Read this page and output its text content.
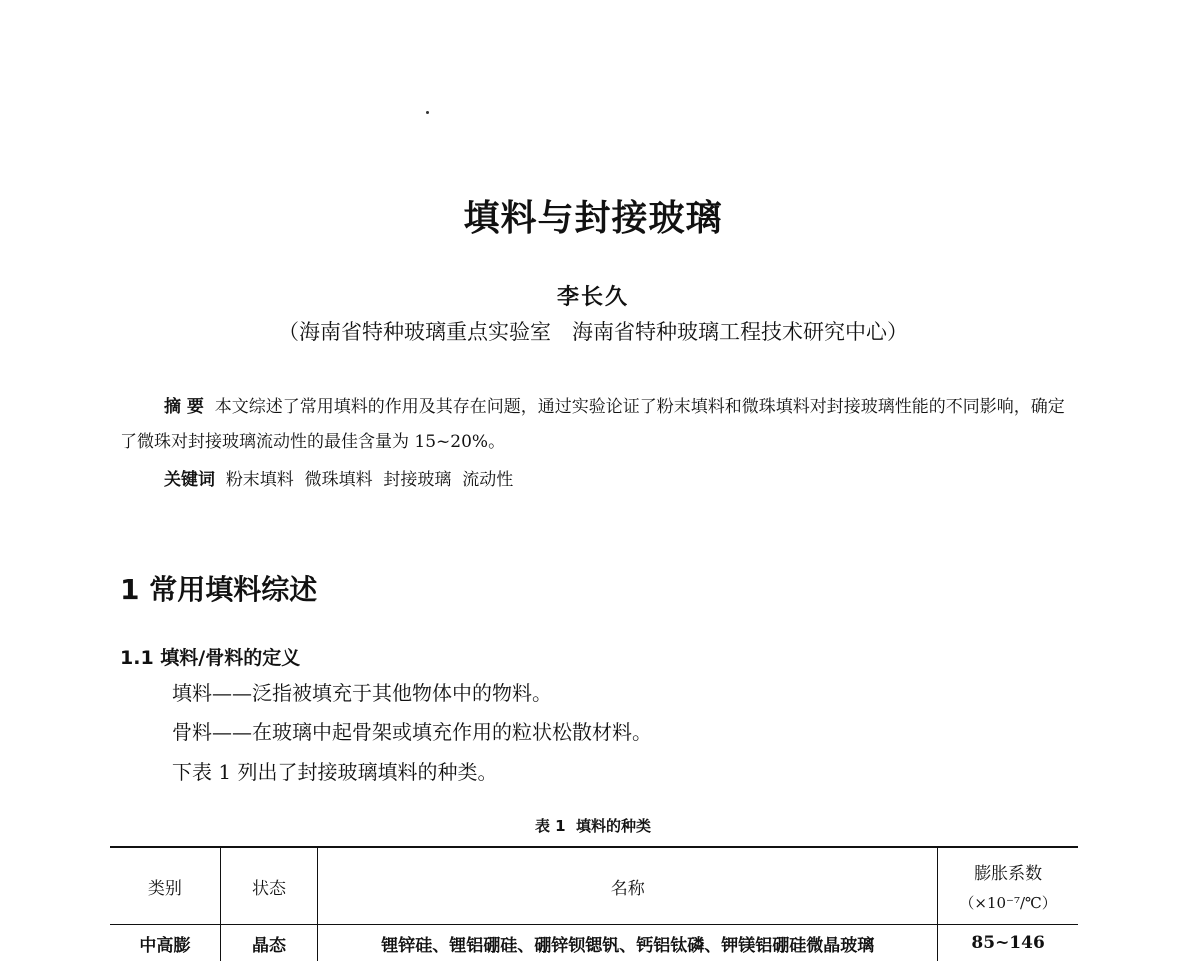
填料与封接玻璃
李长久
（海南省特种玻璃重点实验室　海南省特种玻璃工程技术研究中心）
摘 要 本文综述了常用填料的作用及其存在问题，通过实验论证了粉末填料和微珠填料对封接玻璃性能的不同影响，确定了微珠对封接玻璃流动性的最佳含量为 15~20%。
关键词 粉末填料  微珠填料  封接玻璃  流动性
1 常用填料综述
1.1 填料/骨料的定义
填料——泛指被填充于其他物体中的物料。
骨料——在玻璃中起骨架或填充作用的粒状松散材料。
下表 1 列出了封接玻璃填料的种类。
表 1  填料的种类
类别	状态	名称	膨胀系数
（×10⁻⁷/℃）

中高膨	晶态	锂锌硅、锂铝硼硅、硼锌钡锶钒、钙铝钛磷、钾镁铝硼硅微晶玻璃	85~146
